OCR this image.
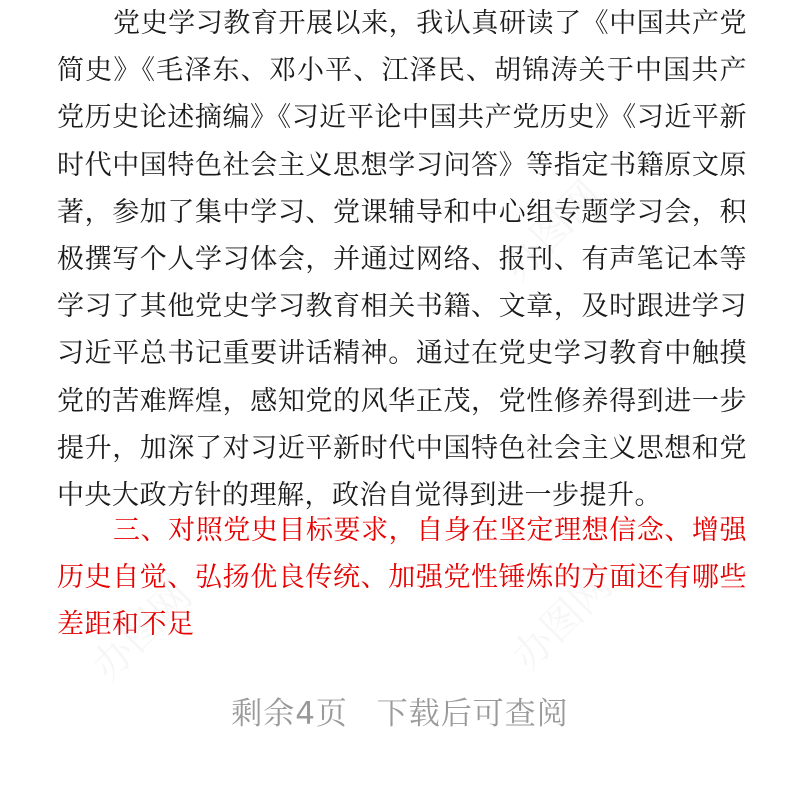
党史学习教育开展以来，我认真研读了《中国共产党简史》《毛泽东、邓小平、江泽民、胡锦涛关于中国共产党历史论述摘编》《习近平论中国共产党历史》《习近平新时代中国特色社会主义思想学习问答》等指定书籍原文原著，参加了集中学习、党课辅导和中心组专题学习会，积极撰写个人学习体会，并通过网络、报刊、有声笔记本等学习了其他党史学习教育相关书籍、文章，及时跟进学习习近平总书记重要讲话精神。通过在党史学习教育中触摸党的苦难辉煌，感知党的风华正茂，党性修养得到进一步提升，加深了对习近平新时代中国特色社会主义思想和党中央大政方针的理解，政治自觉得到进一步提升。

三、对照党史目标要求，自身在坚定理想信念、增强历史自觉、弘扬优良传统、加强党性锤炼的方面还有哪些差距和不足

剩余4页 下载后可查阅
